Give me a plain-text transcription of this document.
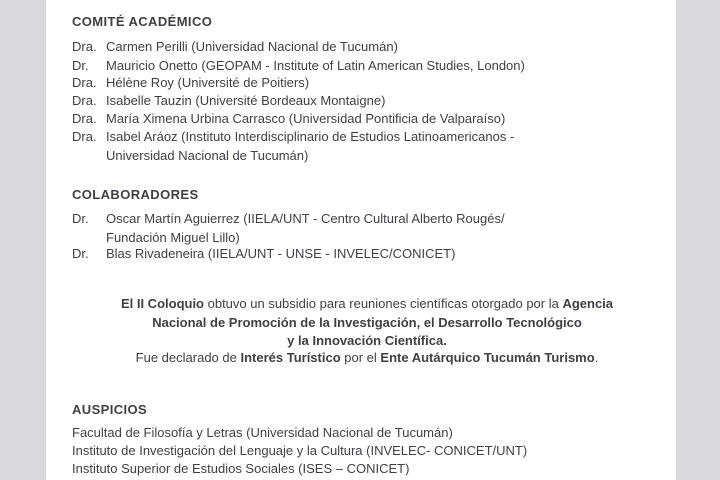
COMITÉ ACADÉMICO
Dra. Carmen Perilli (Universidad Nacional de Tucumán)
Dr. Mauricio Onetto (GEOPAM - Institute of Latin American Studies, London)
Dra. Hélène Roy (Université de Poitiers)
Dra. Isabelle Tauzin (Université Bordeaux Montaigne)
Dra. María Ximena Urbina Carrasco (Universidad Pontificia de Valparaíso)
Dra. Isabel Aráoz (Instituto Interdisciplinario de Estudios Latinoamericanos -
Universidad Nacional de Tucumán)
COLABORADORES
Dr. Oscar Martín Aguierrez (IIELA/UNT - Centro Cultural Alberto Rougés/
Fundación Miguel Lillo)
Dr. Blas Rivadeneira (IIELA/UNT - UNSE - INVELEC/CONICET)
El II Coloquio obtuvo un subsidio para reuniones científicas otorgado por la Agencia
Nacional de Promoción de la Investigación, el Desarrollo Tecnológico
y la Innovación Científica.
Fue declarado de Interés Turístico por el Ente Autárquico Tucumán Turismo.
AUSPICIOS
Facultad de Filosofía y Letras (Universidad Nacional de Tucumán)
Instituto de Investigación del Lenguaje y la Cultura (INVELEC- CONICET/UNT)
Instituto Superior de Estudios Sociales (ISES – CONICET)
